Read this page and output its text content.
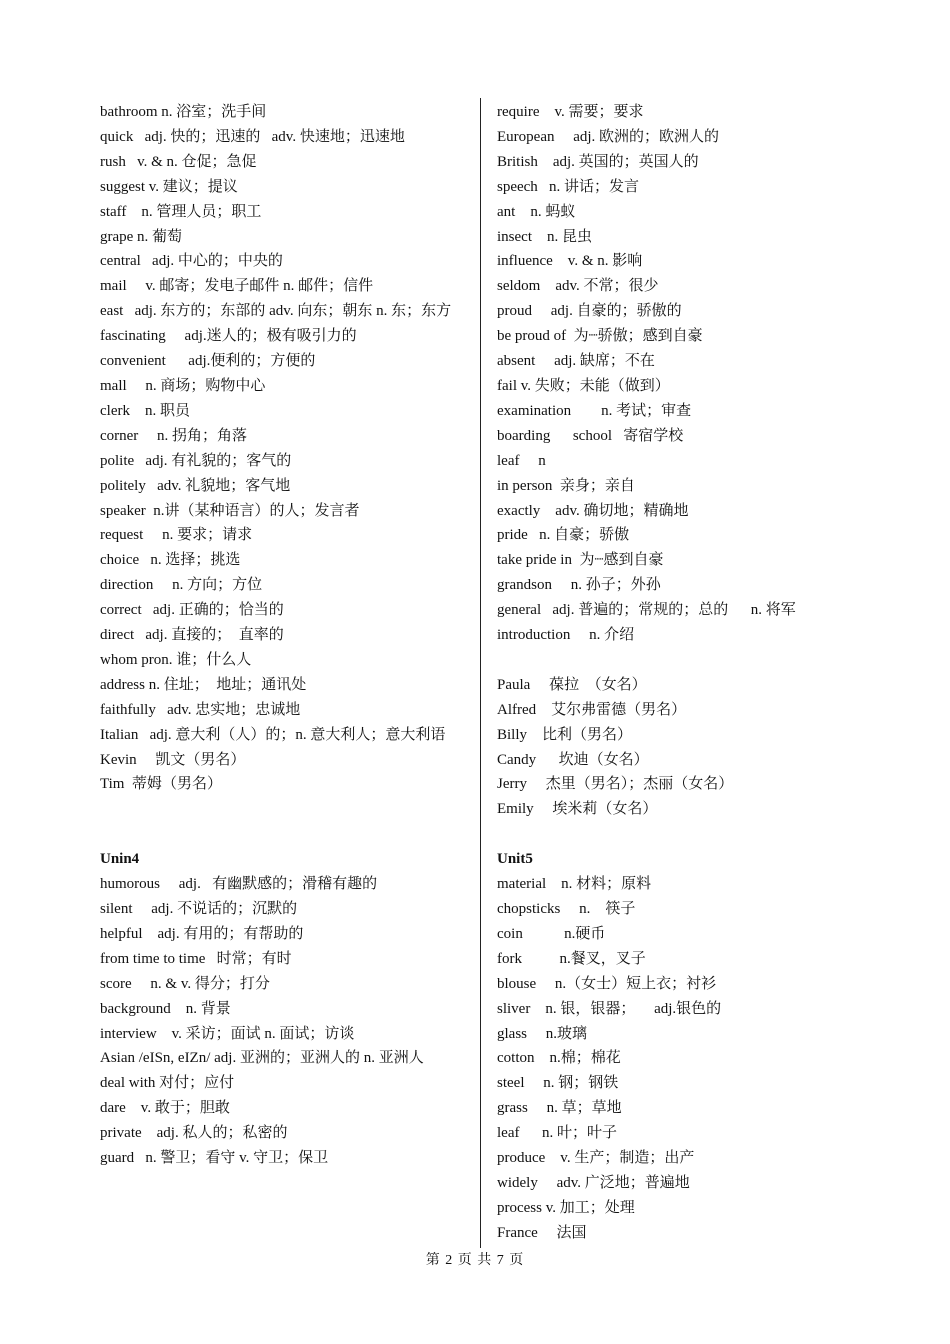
bathroom n. 浴室；洗手间
quick   adj. 快的；迅速的   adv. 快速地；迅速地
rush   v. & n. 仓促；急促
suggest v. 建议；提议
staff    n. 管理人员；职工
grape n. 葡萄
central   adj. 中心的；中央的
mail     v. 邮寄；发电子邮件 n. 邮件；信件
east   adj. 东方的；东部的 adv. 向东；朝东 n. 东；东方
fascinating     adj.迷人的；极有吸引力的
convenient      adj.便利的；方便的
mall     n. 商场；购物中心
clerk    n. 职员
corner     n. 拐角；角落
polite   adj. 有礼貌的；客气的
politely   adv. 礼貌地；客气地
speaker  n.讲（某种语言）的人；发言者
request     n. 要求；请求
choice   n. 选择；挑选
direction     n. 方向；方位
correct   adj. 正确的；恰当的
direct   adj. 直接的；  直率的
whom pron. 谁；什么人
address n. 住址；  地址；通讯处
faithfully   adv. 忠实地；忠诚地
Italian   adj. 意大利（人）的；n. 意大利人；意大利语
Kevin     凯文（男名）
Tim  蒂姆（男名）
Unin4
humorous     adj.   有幽默感的；滑稽有趣的
silent     adj. 不说话的；沉默的
helpful    adj. 有用的；有帮助的
from time to time   时常；有时
score     n. & v. 得分；打分
background    n. 背景
interview    v. 采访；面试 n. 面试；访谈
Asian /eISn, eIZn/ adj. 亚洲的；亚洲人的 n. 亚洲人
deal with 对付；应付
dare    v. 敢于；胆敢
private    adj. 私人的；私密的
guard   n. 警卫；看守 v. 守卫；保卫
require    v. 需要；要求
European     adj. 欧洲的；欧洲人的
British    adj. 英国的；英国人的
speech   n. 讲话；发言
ant    n. 蚂蚁
insect    n. 昆虫
influence    v. & n. 影响
seldom    adv. 不常；很少
proud     adj. 自豪的；骄傲的
be proud of  为┈骄傲；感到自豪
absent     adj. 缺席；不在
fail v. 失败；未能（做到）
examination        n. 考试；审查
boarding      school   寄宿学校
leaf     n
in person  亲身；亲自
exactly    adv. 确切地；精确地
pride   n. 自豪；骄傲
take pride in  为┈感到自豪
grandson     n. 孙子；外孙
general   adj. 普遍的；常规的；总的      n. 将军
introduction     n. 介绍
Paula     葆拉  （女名）
Alfred    艾尔弗雷德（男名）
Billy    比利（男名）
Candy      坎迪（女名）
Jerry     杰里（男名）；杰丽（女名）
Emily     埃米莉（女名）
Unit5
material    n. 材料；原料
chopsticks     n.    筷子
coin           n.硬币
fork          n.餐叉，叉子
blouse     n.（女士）短上衣；衬衫
sliver    n. 银，银器；     adj.银色的
glass     n.玻璃
cotton    n.棉；棉花
steel     n. 钢；钢铁
grass     n. 草；草地
leaf      n. 叶；叶子
produce    v. 生产；制造；出产
widely     adv. 广泛地；普遍地
process v. 加工；处理
France     法国
第 2 页 共 7 页
